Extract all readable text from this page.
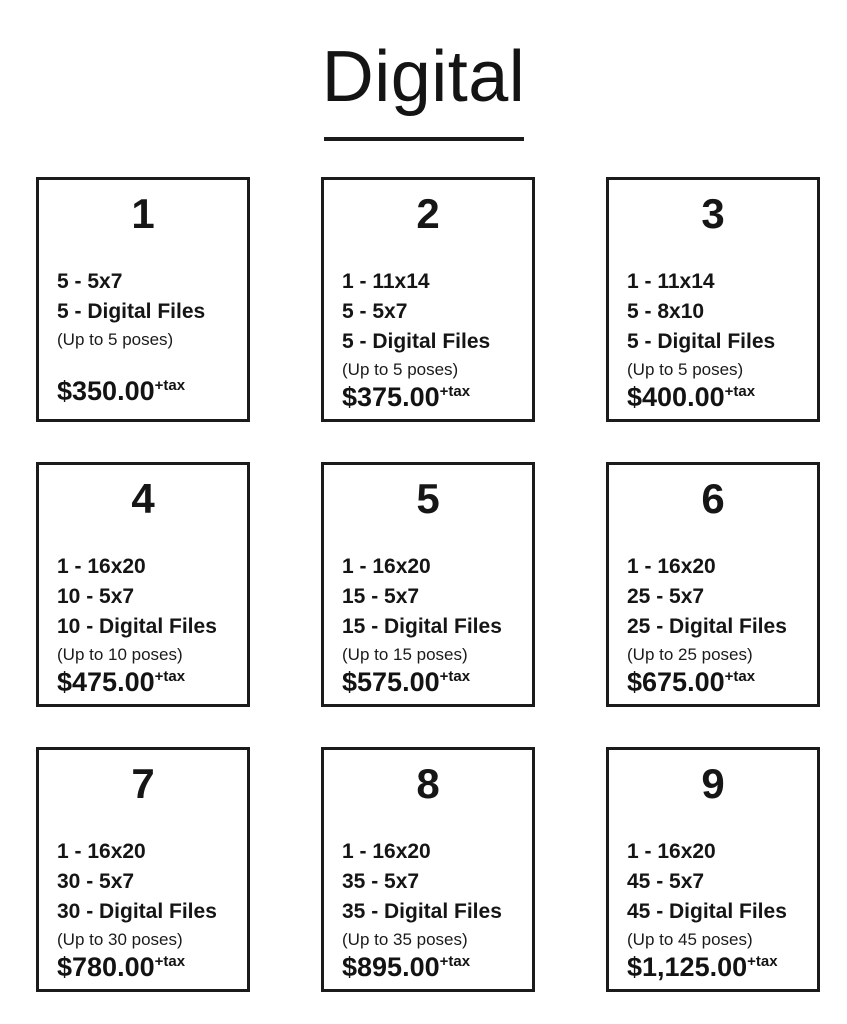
Digital
1
5 - 5x7
5 - Digital Files
(Up to 5 poses)
$\$350.00^{+tax}$
2
1 - 11x14
5 - 5x7
5 - Digital Files
(Up to 5 poses)
$\$375.00^{+tax}$
3
1 - 11x14
5 - 8x10
5 - Digital Files
(Up to 5 poses)
$\$400.00^{+tax}$
4
1 - 16x20
10 - 5x7
10 - Digital Files
(Up to 10 poses)
$\$475.00^{+tax}$
5
1 - 16x20
15 - 5x7
15 - Digital Files
(Up to 15 poses)
$\$575.00^{+tax}$
6
1 - 16x20
25 - 5x7
25 - Digital Files
(Up to 25 poses)
$\$675.00^{+tax}$
7
1 - 16x20
30 - 5x7
30 - Digital Files
(Up to 30 poses)
$\$780.00^{+tax}$
8
1 - 16x20
35 - 5x7
35 - Digital Files
(Up to 35 poses)
$\$895.00^{+tax}$
9
1 - 16x20
45 - 5x7
45 - Digital Files
(Up to 45 poses)
$\$1,125.00^{+tax}$
